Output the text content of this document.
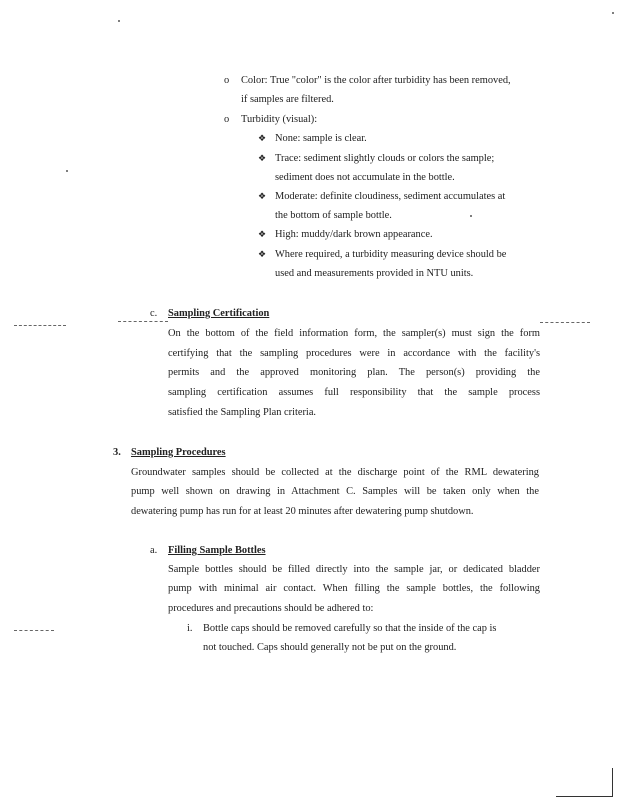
o Color: True "color" is the color after turbidity has been removed,
if samples are filtered.
o Turbidity (visual):
❖ None: sample is clear.
❖ Trace: sediment slightly clouds or colors the sample;
sediment does not accumulate in the bottle.
❖ Moderate: definite cloudiness, sediment accumulates at
the bottom of sample bottle.
❖ High: muddy/dark brown appearance.
❖ Where required, a turbidity measuring device should be
used and measurements provided in NTU units.
c. Sampling Certification
On the bottom of the field information form, the sampler(s) must sign the form
certifying that the sampling procedures were in accordance with the facility's
permits and the approved monitoring plan. The person(s) providing the
sampling certification assumes full responsibility that the sample process
satisfied the Sampling Plan criteria.
3. Sampling Procedures
Groundwater samples should be collected at the discharge point of the RML dewatering
pump well shown on drawing in Attachment C. Samples will be taken only when the
dewatering pump has run for at least 20 minutes after dewatering pump shutdown.
a. Filling Sample Bottles
Sample bottles should be filled directly into the sample jar, or dedicated bladder
pump with minimal air contact. When filling the sample bottles, the following
procedures and precautions should be adhered to:
i. Bottle caps should be removed carefully so that the inside of the cap is
not touched. Caps should generally not be put on the ground.
